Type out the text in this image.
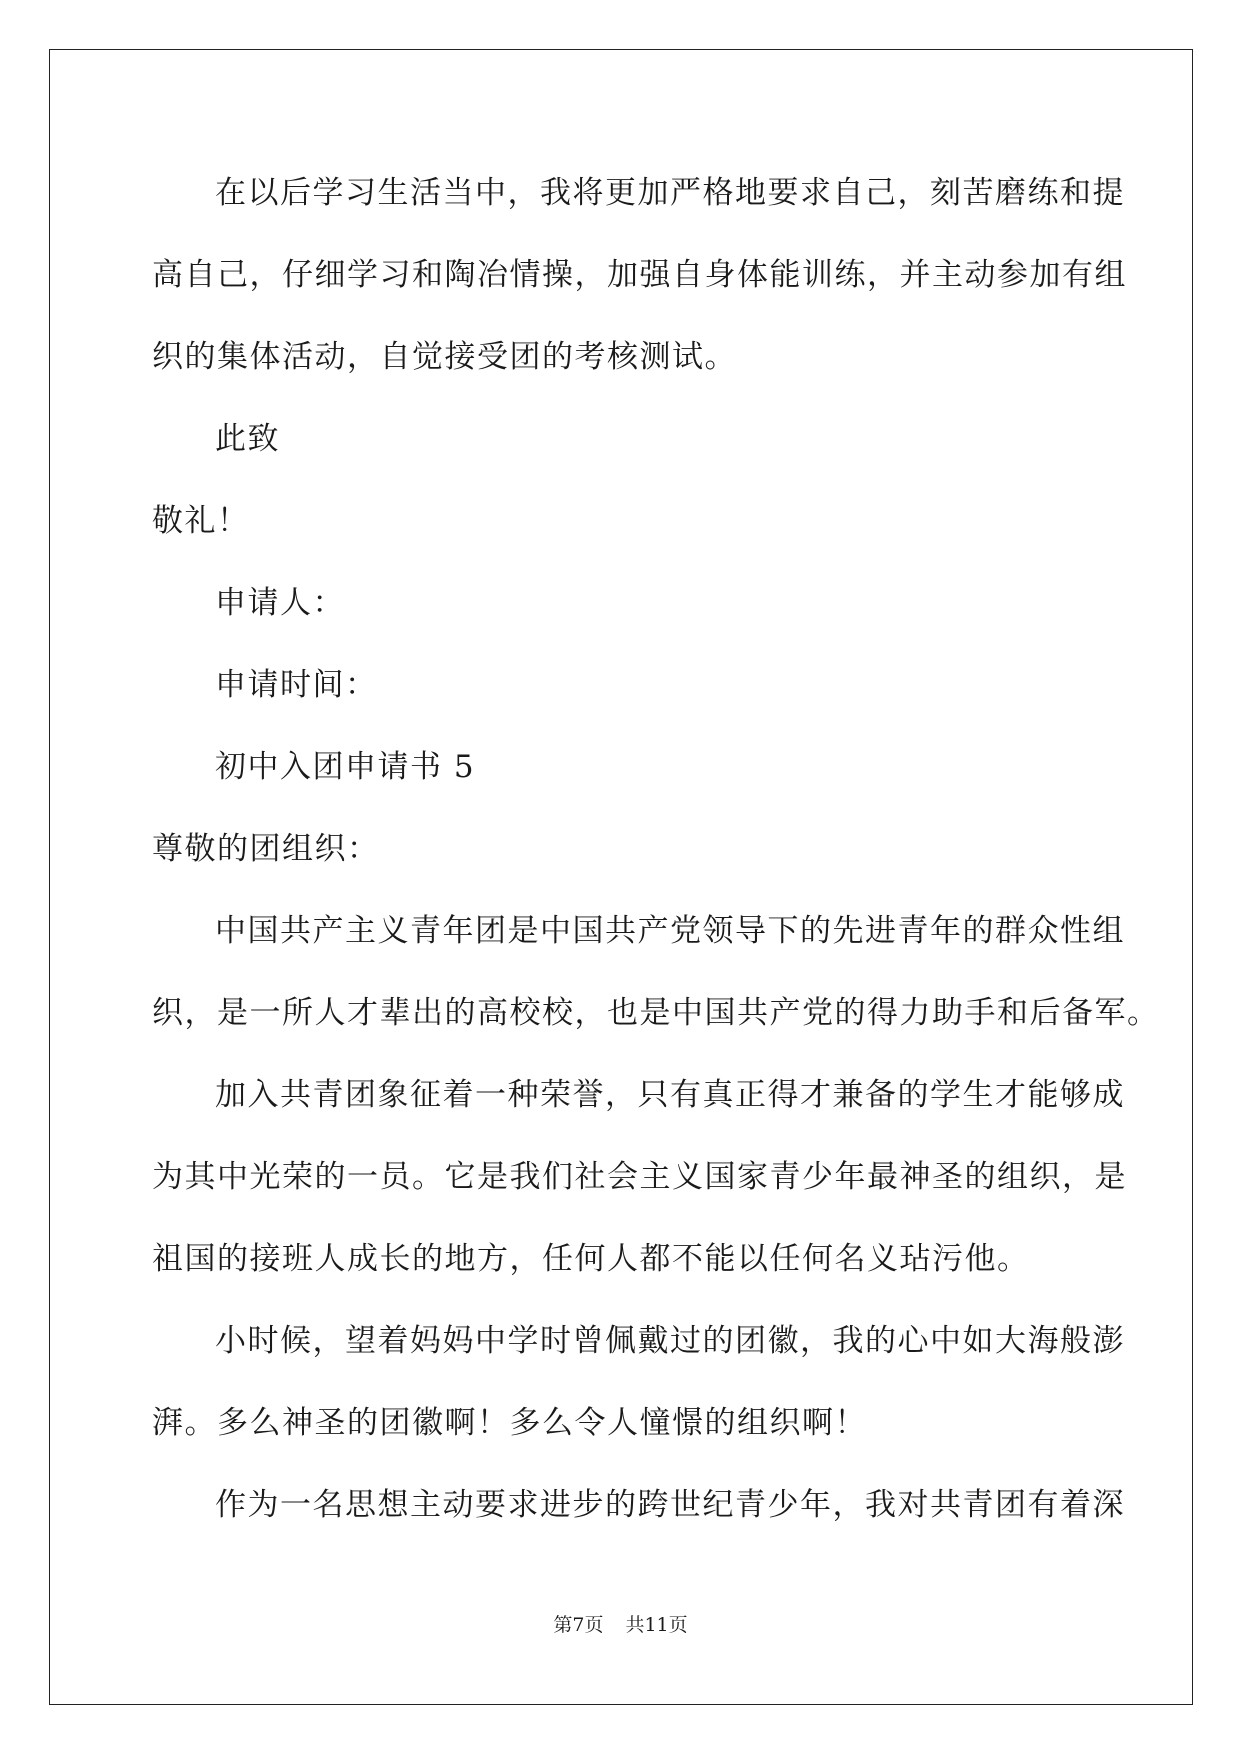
在以后学习生活当中，我将更加严格地要求自己，刻苦磨练和提

高自己，仔细学习和陶冶情操，加强自身体能训练，并主动参加有组

织的集体活动，自觉接受团的考核测试。

此致

敬礼！

申请人：

申请时间：

初中入团申请书 5

尊敬的团组织：

中国共产主义青年团是中国共产党领导下的先进青年的群众性组

织，是一所人才辈出的高校校，也是中国共产党的得力助手和后备军。

加入共青团象征着一种荣誉，只有真正得才兼备的学生才能够成

为其中光荣的一员。它是我们社会主义国家青少年最神圣的组织，是

祖国的接班人成长的地方，任何人都不能以任何名义玷污他。

小时候，望着妈妈中学时曾佩戴过的团徽，我的心中如大海般澎

湃。多么神圣的团徽啊！多么令人憧憬的组织啊！

作为一名思想主动要求进步的跨世纪青少年，我对共青团有着深

第7页 共11页
